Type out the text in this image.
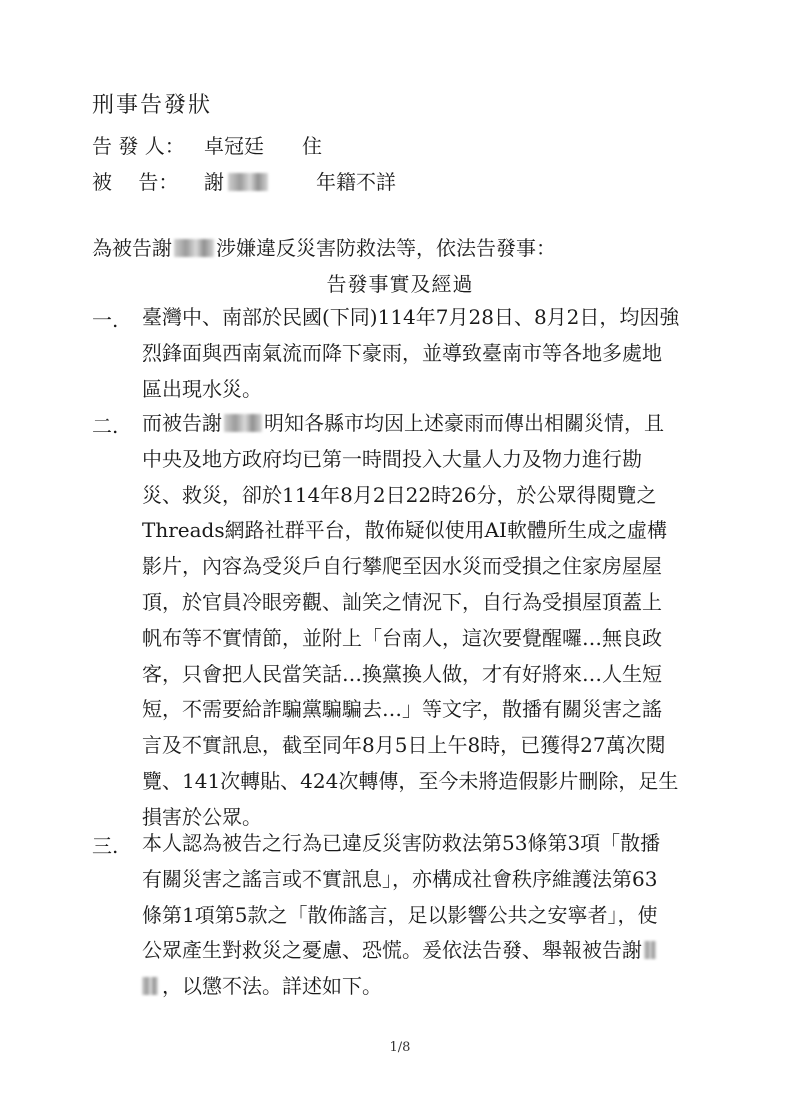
刑事告發狀
告 發 人： 卓冠廷 住
被　 告： 謝	年籍不詳
為被告謝 涉嫌違反災害防救法等，依法告發事：
告發事實及經過
一. 臺灣中、南部於民國(下同)114年7月28日、8月2日，均因強
烈鋒面與西南氣流而降下豪雨，並導致臺南市等各地多處地
區出現水災。
二. 而被告謝 明知各縣市均因上述豪雨而傳出相關災情，且
中央及地方政府均已第一時間投入大量人力及物力進行勘
災、救災，卻於114年8月2日22時26分，於公眾得閱覽之
Threads網路社群平台，散佈疑似使用AI軟體所生成之虛構
影片，內容為受災戶自行攀爬至因水災而受損之住家房屋屋
頂，於官員冷眼旁觀、訕笑之情況下，自行為受損屋頂蓋上
帆布等不實情節，並附上「台南人，這次要覺醒囉…無良政
客，只會把人民當笑話…換黨換人做，才有好將來…人生短
短，不需要給詐騙黨騙騙去…」等文字，散播有關災害之謠
言及不實訊息，截至同年8月5日上午8時，已獲得27萬次閱
覽、141次轉貼、424次轉傳，至今未將造假影片刪除，足生
損害於公眾。
三. 本人認為被告之行為已違反災害防救法第53條第3項「散播
有關災害之謠言或不實訊息」，亦構成社會秩序維護法第63
條第1項第5款之「散佈謠言，足以影響公共之安寧者」，使
公眾產生對救災之憂慮、恐慌。爰依法告發、舉報被告謝
，以懲不法。詳述如下。
1/8
